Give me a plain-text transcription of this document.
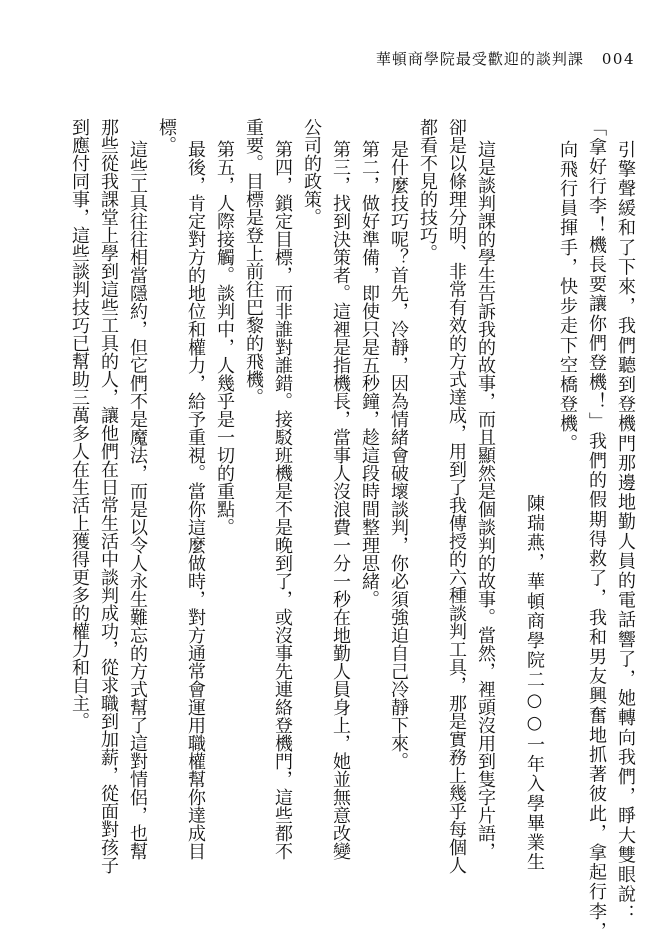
華頓商學院最受歡迎的談判課 004

引擎聲緩和了下來，我們聽到登機門那邊地勤人員的電話響了，她轉向我們，睜大雙眼說：

「拿好行李！機長要讓你們登機！」我們的假期得救了，我和男友興奮地抓著彼此，拿起行李，

向飛行員揮手，快步走下空橋登機。

陳瑞燕，華頓商學院二○○一年入學畢業生

這是談判課的學生告訴我的故事，而且顯然是個談判的故事。當然，裡頭沒用到隻字片語，

卻是以條理分明、非常有效的方式達成，用到了我傳授的六種談判工具，那是實務上幾乎每個人

都看不見的技巧。

是什麼技巧呢？首先，冷靜，因為情緒會破壞談判，你必須強迫自己冷靜下來。

第二，做好準備，即使只是五秒鐘，趁這段時間整理思緒。

第三，找到決策者。這裡是指機長，當事人沒浪費一分一秒在地勤人員身上，她並無意改變

公司的政策。

第四，鎖定目標，而非誰對誰錯。接駁班機是不是晚到了，或沒事先連絡登機門，這些都不

重要。目標是登上前往巴黎的飛機。

第五，人際接觸。談判中，人幾乎是一切的重點。

最後，肯定對方的地位和權力，給予重視。當你這麼做時，對方通常會運用職權幫你達成目

標。

這些工具往往相當隱約，但它們不是魔法，而是以令人永生難忘的方式幫了這對情侶，也幫

那些從我課堂上學到這些工具的人，讓他們在日常生活中談判成功，從求職到加薪，從面對孩子

到應付同事，這些談判技巧已幫助三萬多人在生活上獲得更多的權力和自主。
